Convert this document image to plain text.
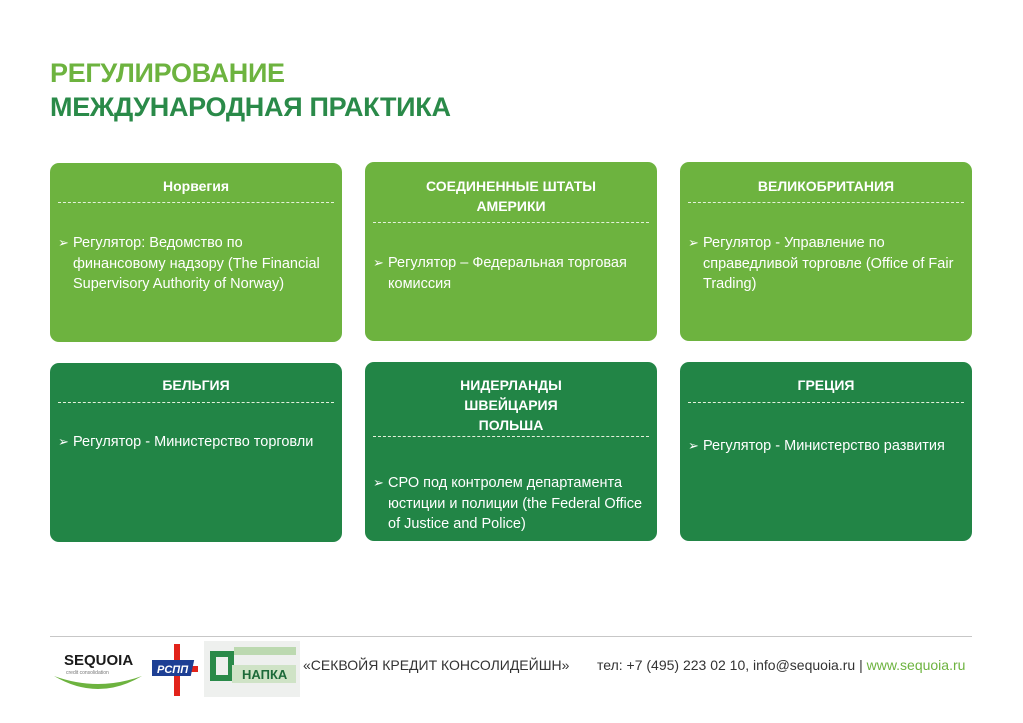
РЕГУЛИРОВАНИЕ
МЕЖДУНАРОДНАЯ ПРАКТИКА
Норвегия
➢ Регулятор: Ведомство по финансовому надзору (The Financial Supervisory Authority of Norway)
СОЕДИНЕННЫЕ ШТАТЫ
АМЕРИКИ
➢ Регулятор – Федеральная торговая комиссия
ВЕЛИКОБРИТАНИЯ
➢ Регулятор - Управление по справедливой торговле (Office of Fair Trading)
БЕЛЬГИЯ
➢ Регулятор - Министерство торговли
НИДЕРЛАНДЫ
ШВЕЙЦАРИЯ
ПОЛЬША
➢ СРО под контролем департамента юстиции и полиции (the Federal Office of Justice and Police)
ГРЕЦИЯ
➢ Регулятор - Министерство развития
SEQUOIA
credit consolidation	РСПП	НАПКА
«СЕКВОЙЯ КРЕДИТ КОНСОЛИДЕЙШН» тел: +7 (495) 223 02 10, info@sequoia.ru | www.sequoia.ru
